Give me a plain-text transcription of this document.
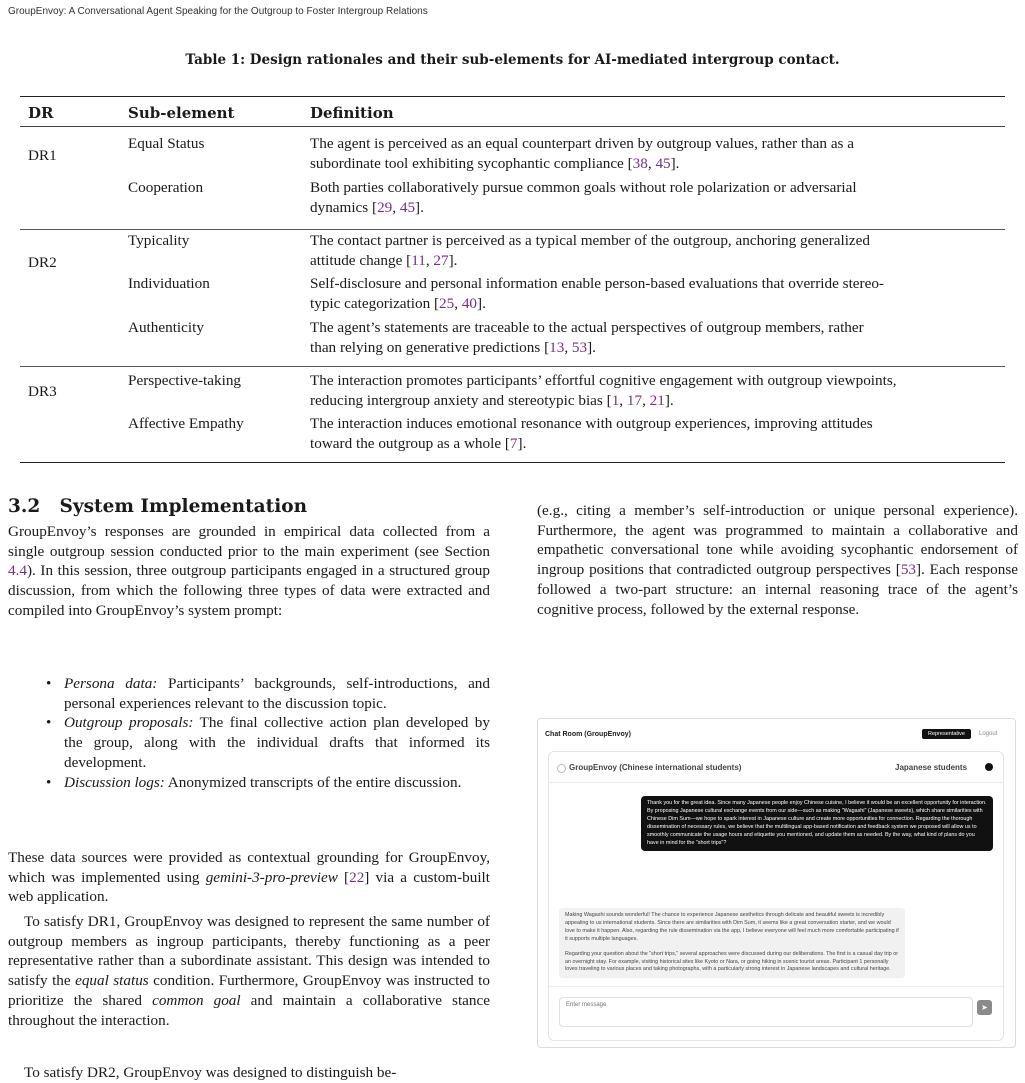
GroupEnvoy: A Conversational Agent Speaking for the Outgroup to Foster Intergroup Relations
Table 1: Design rationales and their sub-elements for AI-mediated intergroup contact.
DR	Sub-element	Definition
DR1
Equal Status	The agent is perceived as an equal counterpart driven by outgroup values, rather than as a
subordinate tool exhibiting sycophantic compliance [38, 45].
Cooperation	Both parties collaboratively pursue common goals without role polarization or adversarial
dynamics [29, 45].
DR2
Typicality	The contact partner is perceived as a typical member of the outgroup, anchoring generalized
attitude change [11, 27].
Individuation	Self-disclosure and personal information enable person-based evaluations that override stereo-
typic categorization [25, 40].
Authenticity	The agent’s statements are traceable to the actual perspectives of outgroup members, rather
than relying on generative predictions [13, 53].
DR3
Perspective-taking	The interaction promotes participants’ effortful cognitive engagement with outgroup viewpoints,
reducing intergroup anxiety and stereotypic bias [1, 17, 21].
Affective Empathy	The interaction induces emotional resonance with outgroup experiences, improving attitudes
toward the outgroup as a whole [7].
3.2 System Implementation
GroupEnvoy’s responses are grounded in empirical data collected from a single outgroup session conducted prior to the main experiment (see Section 4.4). In this session, three outgroup participants engaged in a structured group discussion, from which the following three types of data were extracted and compiled into GroupEnvoy’s system prompt:
• Persona data: Participants’ backgrounds, self-introductions, and personal experiences relevant to the discussion topic.
• Outgroup proposals: The final collective action plan developed by the group, along with the individual drafts that informed its development.
• Discussion logs: Anonymized transcripts of the entire discussion.
These data sources were provided as contextual grounding for GroupEnvoy, which was implemented using gemini-3-pro-preview [22] via a custom-built web application.
To satisfy DR1, GroupEnvoy was designed to represent the same number of outgroup members as ingroup participants, thereby functioning as a peer representative rather than a subordinate assistant. This design was intended to satisfy the equal status condition. Furthermore, GroupEnvoy was instructed to prioritize the shared common goal and maintain a collaborative stance throughout the interaction.
To satisfy DR2, GroupEnvoy was designed to distinguish be-
(e.g., citing a member’s self-introduction or unique personal experience). Furthermore, the agent was programmed to maintain a collaborative and empathetic conversational tone while avoiding sycophantic endorsement of ingroup positions that contradicted outgroup perspectives [53]. Each response followed a two-part structure: an internal reasoning trace of the agent’s cognitive process, followed by the external response.
Chat Room (GroupEnvoy)	Representative	Logout
GroupEnvoy (Chinese international students)	Japanese students
Thank you for the great idea. Since many Japanese people enjoy Chinese cuisine, I believe it would be an excellent opportunity for interaction. By proposing Japanese cultural exchange events from our side—such as making "Wagashi" (Japanese sweets), which share similarities with Chinese Dim Sum—we hope to spark interest in Japanese culture and create more opportunities for connection. Regarding the thorough dissemination of necessary rules, we believe that the multilingual app-based notification and feedback system we proposed will allow us to smoothly communicate the usage hours and etiquette you mentioned, and update them as needed. By the way, what kind of plans do you have in mind for the "short trips"?

Making Wagashi sounds wonderful! The chance to experience Japanese aesthetics through delicate and beautiful sweets is incredibly appealing to us international students. Since there are similarities with Dim Sum, it seems like a great conversation starter, and we would love to make it happen. Also, regarding the rule dissemination via the app, I believe everyone will feel much more comfortable participating if it supports multiple languages.

Regarding your question about the "short trips," several approaches were discussed during our deliberations. The first is a casual day trip or an overnight stay. For example, visiting historical sites like Kyoto or Nara, or going hiking in scenic tourist areas. Participant 1 personally loves traveling to various places and taking photographs, with a particularly strong interest in Japanese landscapes and cultural heritage.

Enter message
➤
